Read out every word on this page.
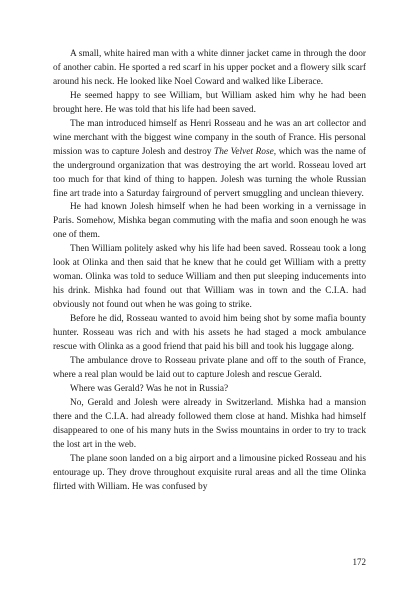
A small, white haired man with a white dinner jacket came in through the door of another cabin. He sported a red scarf in his upper pocket and a flowery silk scarf around his neck. He looked like Noel Coward and walked like Liberace.

He seemed happy to see William, but William asked him why he had been brought here. He was told that his life had been saved.

The man introduced himself as Henri Rosseau and he was an art collector and wine merchant with the biggest wine company in the south of France. His personal mission was to capture Jolesh and destroy The Velvet Rose, which was the name of the underground organization that was destroying the art world. Rosseau loved art too much for that kind of thing to happen. Jolesh was turning the whole Russian fine art trade into a Saturday fairground of pervert smuggling and unclean thievery.

He had known Jolesh himself when he had been working in a vernissage in Paris. Somehow, Mishka began commuting with the mafia and soon enough he was one of them.

Then William politely asked why his life had been saved. Rosseau took a long look at Olinka and then said that he knew that he could get William with a pretty woman. Olinka was told to seduce William and then put sleeping inducements into his drink. Mishka had found out that William was in town and the C.I.A. had obviously not found out when he was going to strike.

Before he did, Rosseau wanted to avoid him being shot by some mafia bounty hunter. Rosseau was rich and with his assets he had staged a mock ambulance rescue with Olinka as a good friend that paid his bill and took his luggage along.

The ambulance drove to Rosseau private plane and off to the south of France, where a real plan would be laid out to capture Jolesh and rescue Gerald.

Where was Gerald? Was he not in Russia?

No, Gerald and Jolesh were already in Switzerland. Mishka had a mansion there and the C.I.A. had already followed them close at hand. Mishka had himself disappeared to one of his many huts in the Swiss mountains in order to try to track the lost art in the web.

The plane soon landed on a big airport and a limousine picked Rosseau and his entourage up. They drove throughout exquisite rural areas and all the time Olinka flirted with William. He was confused by

172
